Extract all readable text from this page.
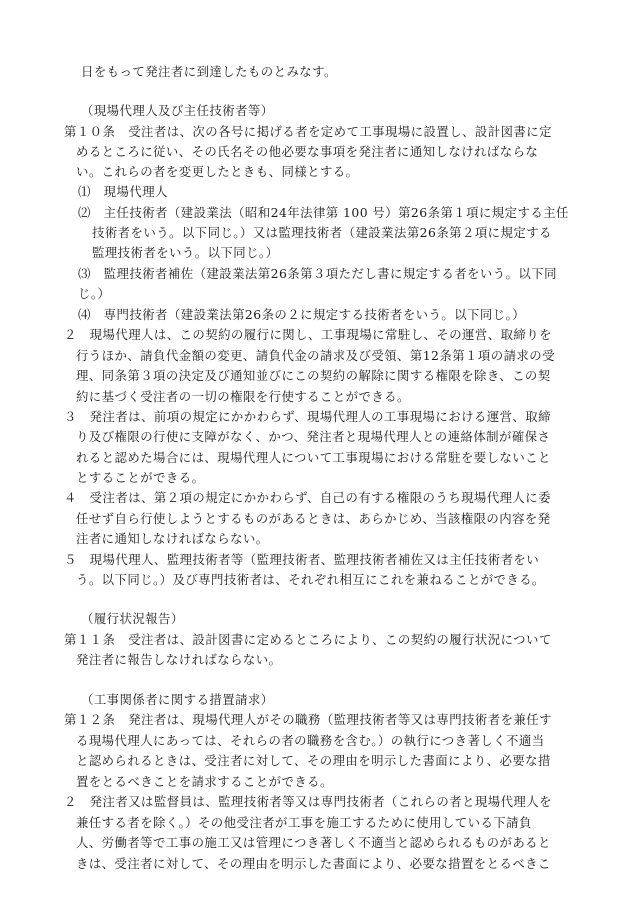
日をもって発注者に到達したものとみなす。
（現場代理人及び主任技術者等）
第１０条　受注者は、次の各号に掲げる者を定めて工事現場に設置し、設計図書に定
めるところに従い、その氏名その他必要な事項を発注者に通知しなければならな
い。これらの者を変更したときも、同様とする。
⑴　現場代理人
⑵　主任技術者（建設業法（昭和24年法律第 100 号）第26条第１項に規定する主任
技術者をいう。以下同じ。）又は監理技術者（建設業法第26条第２項に規定する
監理技術者をいう。以下同じ。）
⑶　監理技術者補佐（建設業法第26条第３項ただし書に規定する者をいう。以下同
じ。）
⑷　専門技術者（建設業法第26条の２に規定する技術者をいう。以下同じ。）
２　現場代理人は、この契約の履行に関し、工事現場に常駐し、その運営、取締りを
行うほか、請負代金額の変更、請負代金の請求及び受領、第12条第１項の請求の受
理、同条第３項の決定及び通知並びにこの契約の解除に関する権限を除き、この契
約に基づく受注者の一切の権限を行使することができる。
３　発注者は、前項の規定にかかわらず、現場代理人の工事現場における運営、取締
り及び権限の行使に支障がなく、かつ、発注者と現場代理人との連絡体制が確保さ
れると認めた場合には、現場代理人について工事現場における常駐を要しないこと
とすることができる。
４　受注者は、第２項の規定にかかわらず、自己の有する権限のうち現場代理人に委
任せず自ら行使しようとするものがあるときは、あらかじめ、当該権限の内容を発
注者に通知しなければならない。
５　現場代理人、監理技術者等（監理技術者、監理技術者補佐又は主任技術者をい
う。以下同じ。）及び専門技術者は、それぞれ相互にこれを兼ねることができる。
（履行状況報告）
第１１条　受注者は、設計図書に定めるところにより、この契約の履行状況について
発注者に報告しなければならない。
（工事関係者に関する措置請求）
第１２条　発注者は、現場代理人がその職務（監理技術者等又は専門技術者を兼任す
る現場代理人にあっては、それらの者の職務を含む。）の執行につき著しく不適当
と認められるときは、受注者に対して、その理由を明示した書面により、必要な措
置をとるべきことを請求することができる。
２　発注者又は監督員は、監理技術者等又は専門技術者（これらの者と現場代理人を
兼任する者を除く。）その他受注者が工事を施工するために使用している下請負
人、労働者等で工事の施工又は管理につき著しく不適当と認められるものがあると
きは、受注者に対して、その理由を明示した書面により、必要な措置をとるべきこ
